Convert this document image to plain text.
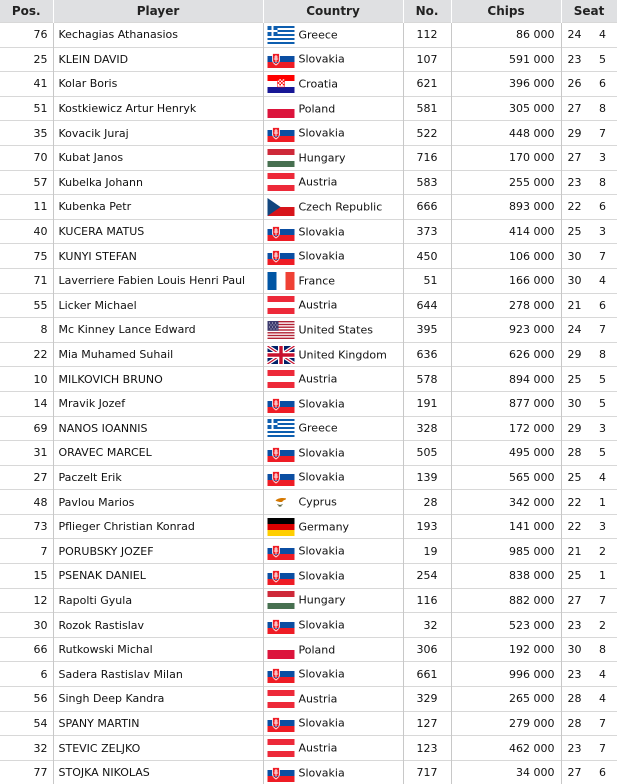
Pos.	Player	Country	No.	Chips	Seat
76	Kechagias Athanasios	Greece	112	86 000	24 4
25	KLEIN DAVID	Slovakia	107	591 000	23 5
41	Kolar Boris	Croatia	621	396 000	26 6
51	Kostkiewicz Artur Henryk	Poland	581	305 000	27 8
35	Kovacik Juraj	Slovakia	522	448 000	29 7
70	Kubat Janos	Hungary	716	170 000	27 3
57	Kubelka Johann	Austria	583	255 000	23 8
11	Kubenka Petr	Czech Republic	666	893 000	22 6
40	KUCERA MATUS	Slovakia	373	414 000	25 3
75	KUNYI STEFAN	Slovakia	450	106 000	30 7
71	Laverriere Fabien Louis Henri Paul	France	51	166 000	30 4
55	Licker Michael	Austria	644	278 000	21 6
8	Mc Kinney Lance Edward	United States	395	923 000	24 7
22	Mia Muhamed Suhail	United Kingdom	636	626 000	29 8
10	MILKOVICH BRUNO	Austria	578	894 000	25 5
14	Mravik Jozef	Slovakia	191	877 000	30 5
69	NANOS IOANNIS	Greece	328	172 000	29 3
31	ORAVEC MARCEL	Slovakia	505	495 000	28 5
27	Paczelt Erik	Slovakia	139	565 000	25 4
48	Pavlou Marios	Cyprus	28	342 000	22 1
73	Pflieger Christian Konrad	Germany	193	141 000	22 3
7	PORUBSKY JOZEF	Slovakia	19	985 000	21 2
15	PSENAK DANIEL	Slovakia	254	838 000	25 1
12	Rapolti Gyula	Hungary	116	882 000	27 7
30	Rozok Rastislav	Slovakia	32	523 000	23 2
66	Rutkowski Michal	Poland	306	192 000	30 8
6	Sadera Rastislav Milan	Slovakia	661	996 000	23 4
56	Singh Deep Kandra	Austria	329	265 000	28 4
54	SPANY MARTIN	Slovakia	127	279 000	28 7
32	STEVIC ZELJKO	Austria	123	462 000	23 7
77	STOJKA NIKOLAS	Slovakia	717	34 000	27 6
